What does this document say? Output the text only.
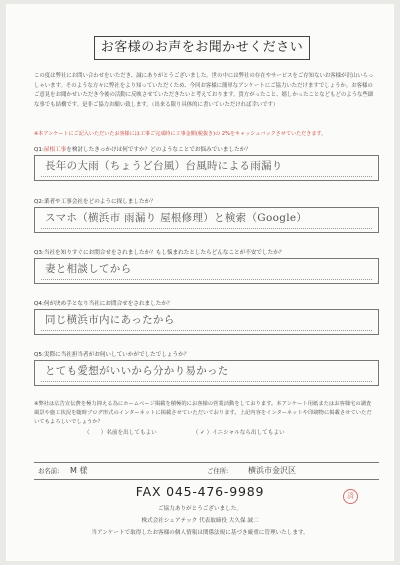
お客様のお声をお聞かせください
この度は弊社にお問い合わせをいただき、誠にありがとうございました。世の中には弊社の存在やサービスをご存知ないお客様が沢山いらっしゃいます。そのような方々に弊社をより知っていただくため、今回お客様に簡単なアンケートにご協力いただけますでしょうか。お客様のご意見をお聞かせいただき今後の活動に反映させていただきたいと考えております。貴方がったこと、嬉しかったことなどもどのような些細な事でも結構です。是非ご協力お願い致します。（出来る限り具体的に書いていただければ幸いです）
※本アンケートにご記入いただいたお客様には工事ご完成時に工事金額(税抜き)の 2%をキャッシュバックさせていただきます。
Q1:屋根工事を検討したきっかけは何ですか？どのようなことでお悩みでいましたか？
長年の大雨（ちょうど台風）台風時による雨漏り
Q2:業者や工事会社をどのように探しましたか？
スマホ（横浜市 雨漏り 屋根修理）と検索（Google）
Q3:当社を知りすぐにお問合せをされましたか？もし悩まれたとしたらどんなことが不安でしたか？
妻と相談してから
Q4:何が決め手となり当社にお問合せをされましたか？
同じ横浜市内にあったから
Q5:実際に当社担当者がお伺いしていかがでしたでしょうか？
とても愛想がいいから分かり易かった
※弊社は広告宣伝費を極力抑える為にホームページ掲載を積極的にお客様の営業活動をしております。本アンケート用紙またはお客様宅の調査風景や施工状況を随時ブログ形式のインターネットに掲載させていただいております。上記内容をインターネットや印刷物に掲載させていただいてもよろしいでしょうか？
（　　）名前を出してもよい	（ ✓ ）イニシャルなら出してもよい
お名前: M 様	ご住所: 横浜市金沢区
FAX 045-476-9989	済
ご協力ありがとうございました。
株式会社シェアテック 代表取締役 大久保 誠二
当アンケートで取得したお客様の個人情報は関係法規に基づき厳重に管理いたします。
